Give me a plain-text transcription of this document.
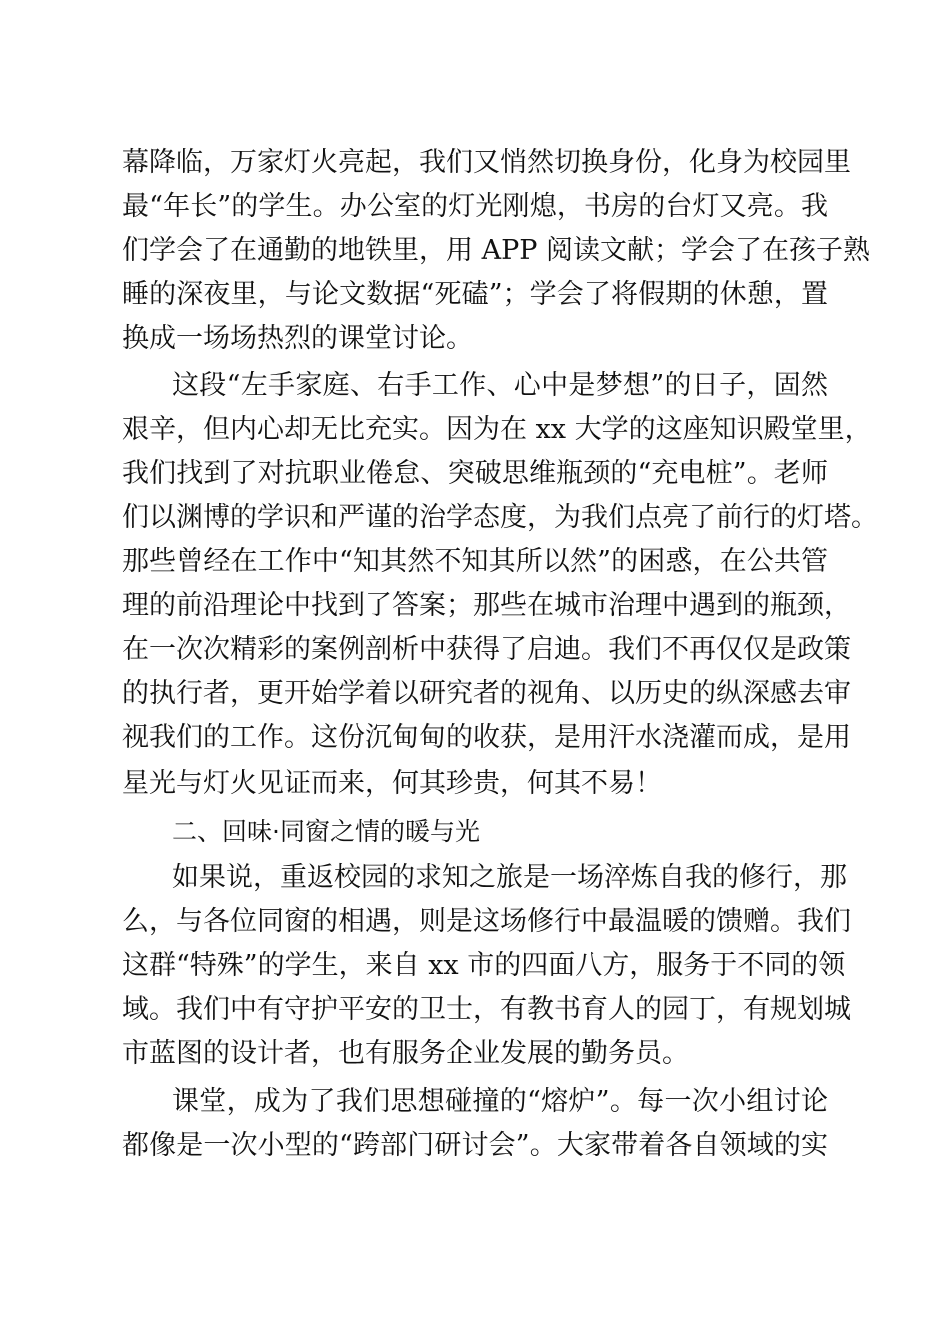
幕降临，万家灯火亮起，我们又悄然切换身份，化身为校园里
最“年长”的学生。办公室的灯光刚熄，书房的台灯又亮。我
们学会了在通勤的地铁里，用 APP 阅读文献；学会了在孩子熟
睡的深夜里，与论文数据“死磕”；学会了将假期的休憩，置
换成一场场热烈的课堂讨论。
这段“左手家庭、右手工作、心中是梦想”的日子，固然
艰辛，但内心却无比充实。因为在 xx 大学的这座知识殿堂里，
我们找到了对抗职业倦怠、突破思维瓶颈的“充电桩”。老师
们以渊博的学识和严谨的治学态度，为我们点亮了前行的灯塔。
那些曾经在工作中“知其然不知其所以然”的困惑，在公共管
理的前沿理论中找到了答案；那些在城市治理中遇到的瓶颈，
在一次次精彩的案例剖析中获得了启迪。我们不再仅仅是政策
的执行者，更开始学着以研究者的视角、以历史的纵深感去审
视我们的工作。这份沉甸甸的收获，是用汗水浇灌而成，是用
星光与灯火见证而来，何其珍贵，何其不易！
二、回味·同窗之情的暖与光
如果说，重返校园的求知之旅是一场淬炼自我的修行，那
么，与各位同窗的相遇，则是这场修行中最温暖的馈赠。我们
这群“特殊”的学生，来自 xx 市的四面八方，服务于不同的领
域。我们中有守护平安的卫士，有教书育人的园丁，有规划城
市蓝图的设计者，也有服务企业发展的勤务员。
课堂，成为了我们思想碰撞的“熔炉”。每一次小组讨论
都像是一次小型的“跨部门研讨会”。大家带着各自领域的实
